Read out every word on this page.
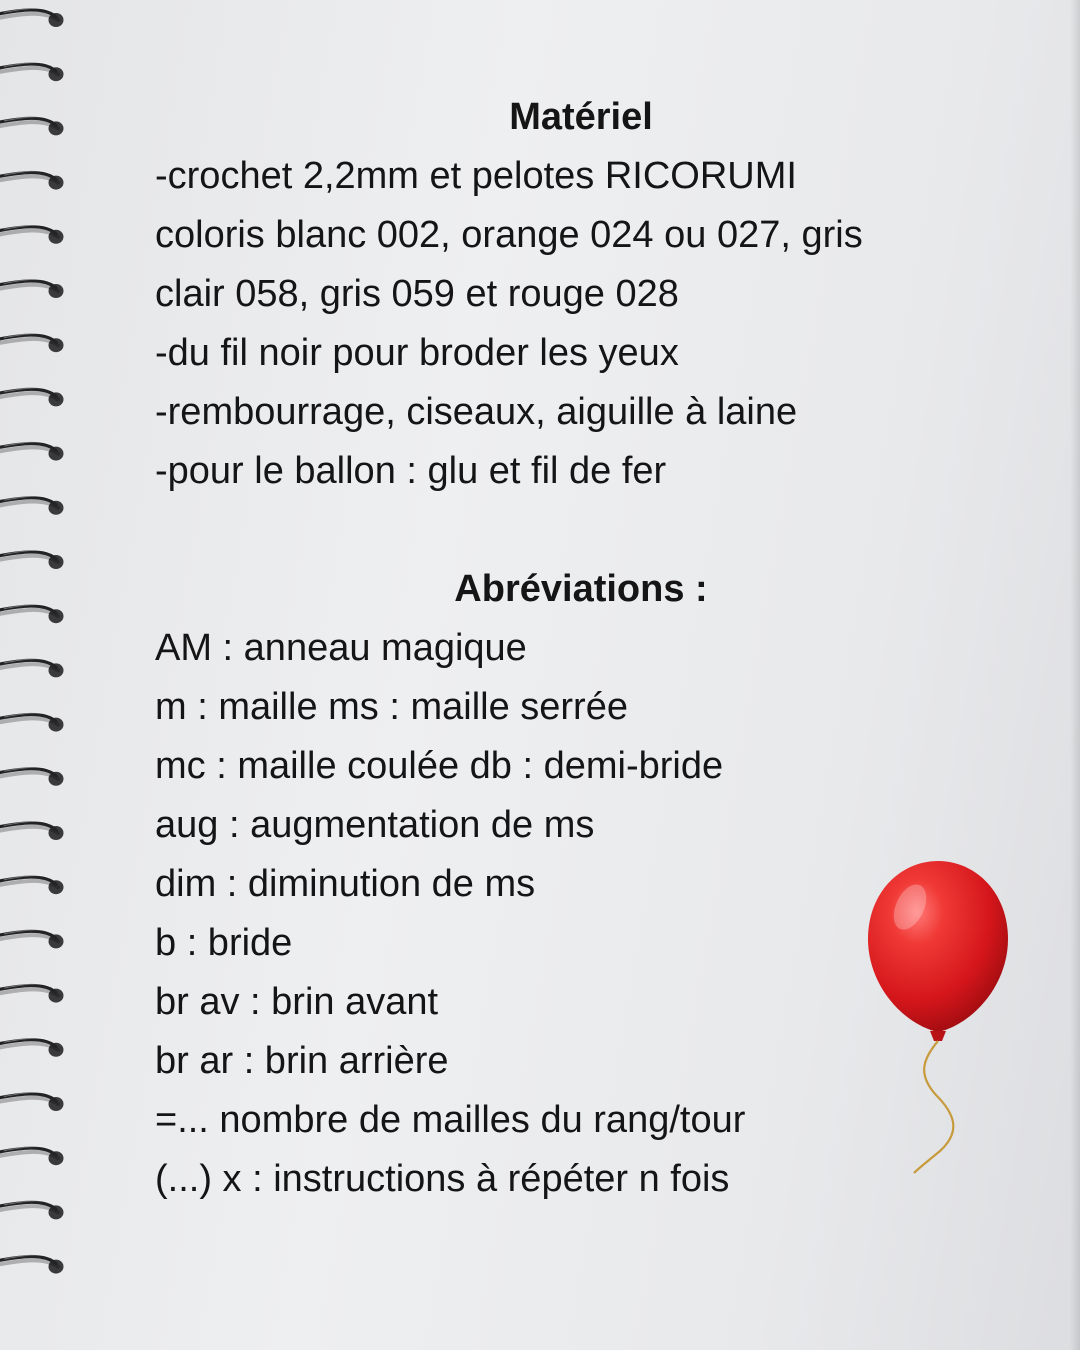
Matériel
-crochet 2,2mm et pelotes RICORUMI
coloris blanc 002, orange 024 ou 027, gris
clair 058, gris 059 et rouge 028
-du fil noir pour broder les yeux
-rembourrage, ciseaux, aiguille à laine
-pour le ballon : glu et fil de fer
Abréviations :
AM : anneau magique
m : maille ms : maille serrée
mc : maille coulée db : demi-bride
aug : augmentation de ms
dim : diminution de ms
b : bride
br av : brin avant
br ar : brin arrière
=... nombre de mailles du rang/tour
(...) x : instructions à répéter n fois
